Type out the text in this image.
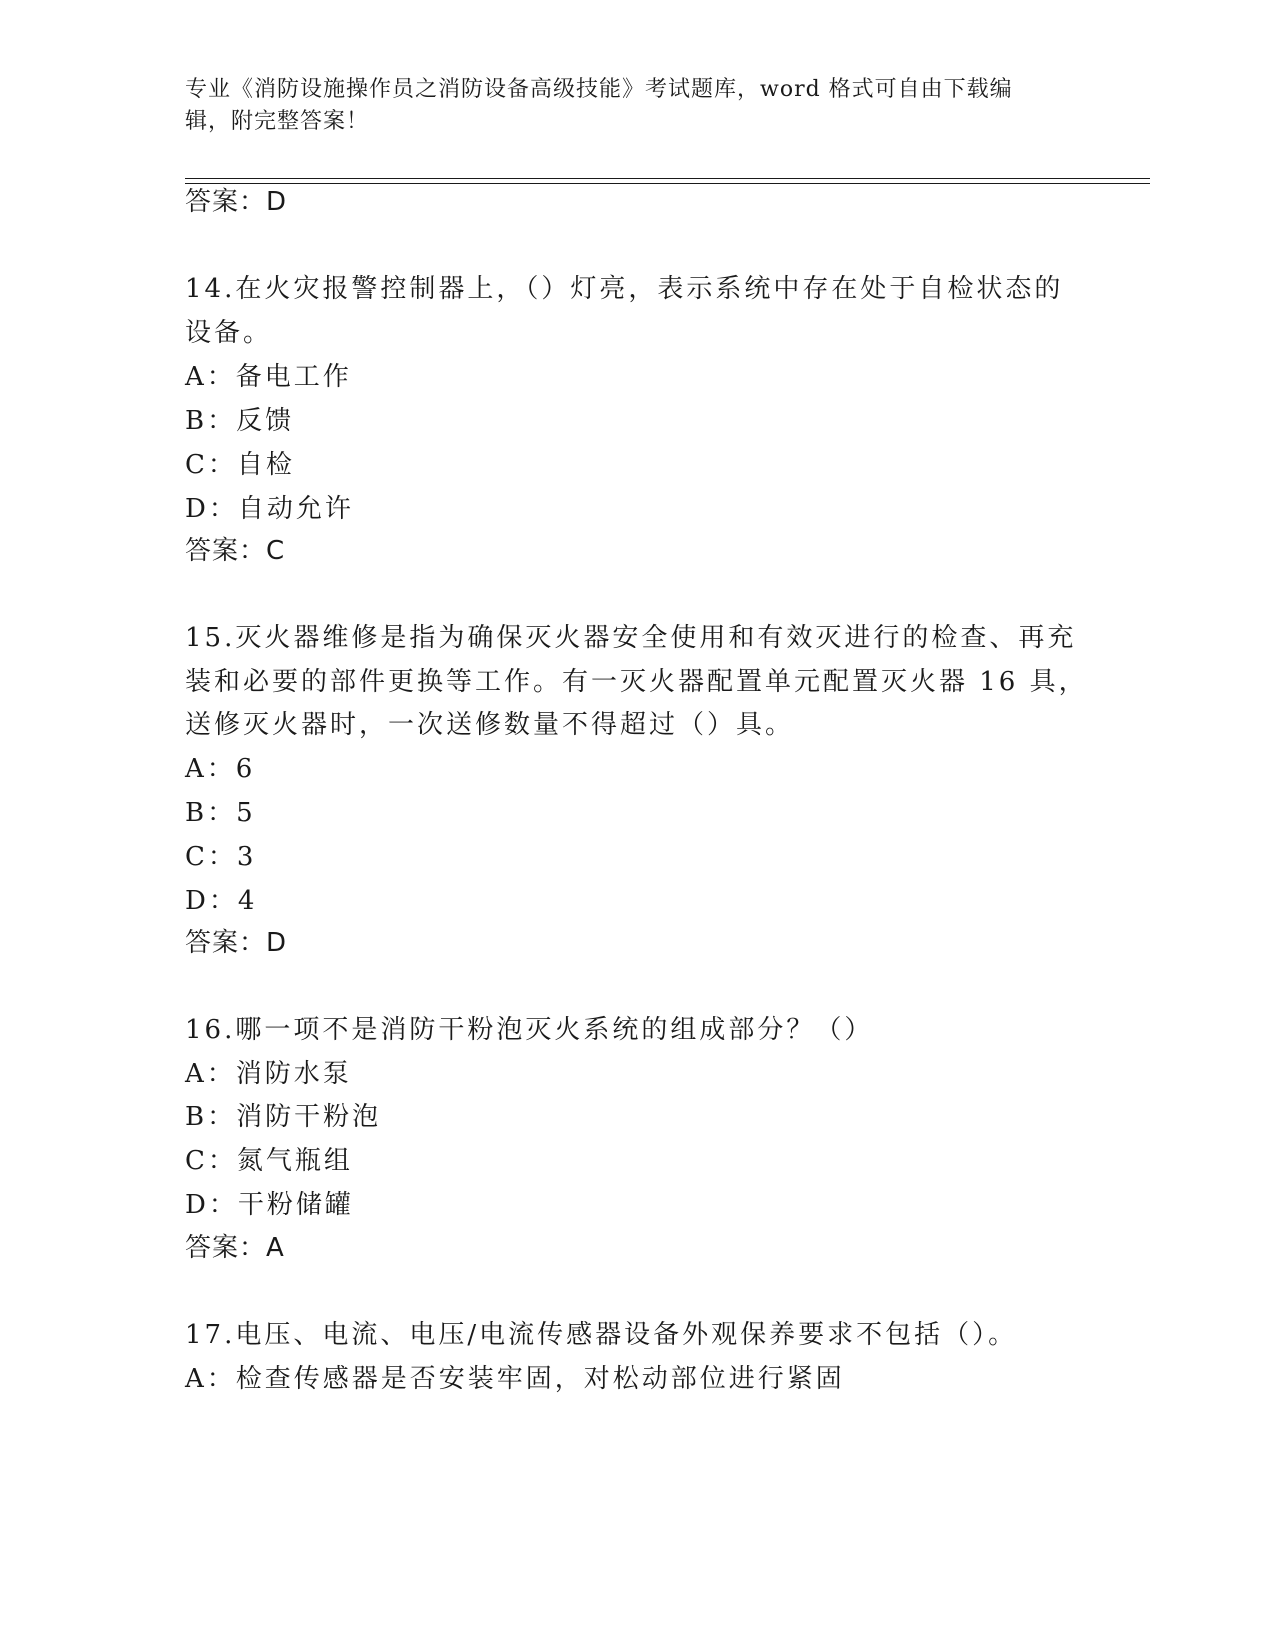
专业《消防设施操作员之消防设备高级技能》考试题库，word 格式可自由下载编
辑，附完整答案！
答案：D
14.在火灾报警控制器上，（）灯亮，表示系统中存在处于自检状态的
设备。
A：备电工作
B：反馈
C：自检
D：自动允许
答案：C
15.灭火器维修是指为确保灭火器安全使用和有效灭进行的检查、再充
装和必要的部件更换等工作。有一灭火器配置单元配置灭火器 16 具，
送修灭火器时，一次送修数量不得超过（）具。
A：6
B：5
C：3
D：4
答案：D
16.哪一项不是消防干粉泡灭火系统的组成部分？（）
A：消防水泵
B：消防干粉泡
C：氮气瓶组
D：干粉储罐
答案：A
17.电压、电流、电压/电流传感器设备外观保养要求不包括（）。
A：检查传感器是否安装牢固，对松动部位进行紧固
